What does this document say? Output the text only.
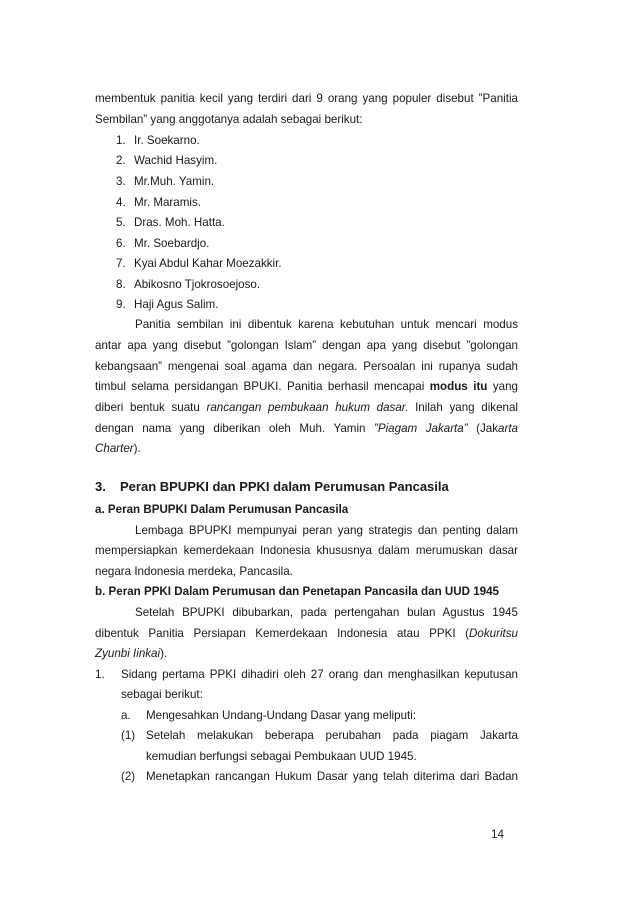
membentuk panitia kecil yang terdiri dari 9 orang yang populer disebut ”Panitia
Sembilan” yang anggotanya adalah sebagai berikut:
1. Ir. Soekarno.
2. Wachid Hasyim.
3. Mr.Muh. Yamin.
4. Mr. Maramis.
5. Dras. Moh. Hatta.
6. Mr. Soebardjo.
7. Kyai Abdul Kahar Moezakkir.
8. Abikosno Tjokrosoejoso.
9. Haji Agus Salim.
Panitia sembilan ini dibentuk karena kebutuhan untuk mencari modus
antar apa yang disebut ”golongan Islam” dengan apa yang disebut ”golongan
kebangsaan” mengenai soal agama dan negara. Persoalan ini rupanya sudah
timbul selama persidangan BPUKI. Panitia berhasil mencapai modus itu yang
diberi bentuk suatu rancangan pembukaan hukum dasar. Inilah yang dikenal
dengan nama yang diberikan oleh Muh. Yamin ”Piagam Jakarta” (Jakarta
Charter).
3. Peran BPUPKI dan PPKI dalam Perumusan Pancasila
a. Peran BPUPKI Dalam Perumusan Pancasila
Lembaga BPUPKI mempunyai peran yang strategis dan penting dalam
mempersiapkan kemerdekaan Indonesia khususnya dalam merumuskan dasar
negara Indonesia merdeka, Pancasila.
b. Peran PPKI Dalam Perumusan dan Penetapan Pancasila dan UUD 1945
Setelah BPUPKI dibubarkan, pada pertengahan bulan Agustus 1945
dibentuk Panitia Persiapan Kemerdekaan Indonesia atau PPKI (Dokuritsu
Zyunbi Iinkai).
1. Sidang pertama PPKI dihadiri oleh 27 orang dan menghasilkan keputusan
sebagai berikut:
a. Mengesahkan Undang-Undang Dasar yang meliputi:
(1) Setelah melakukan beberapa perubahan pada piagam Jakarta
kemudian berfungsi sebagai Pembukaan UUD 1945.
(2) Menetapkan rancangan Hukum Dasar yang telah diterima dari Badan
14
